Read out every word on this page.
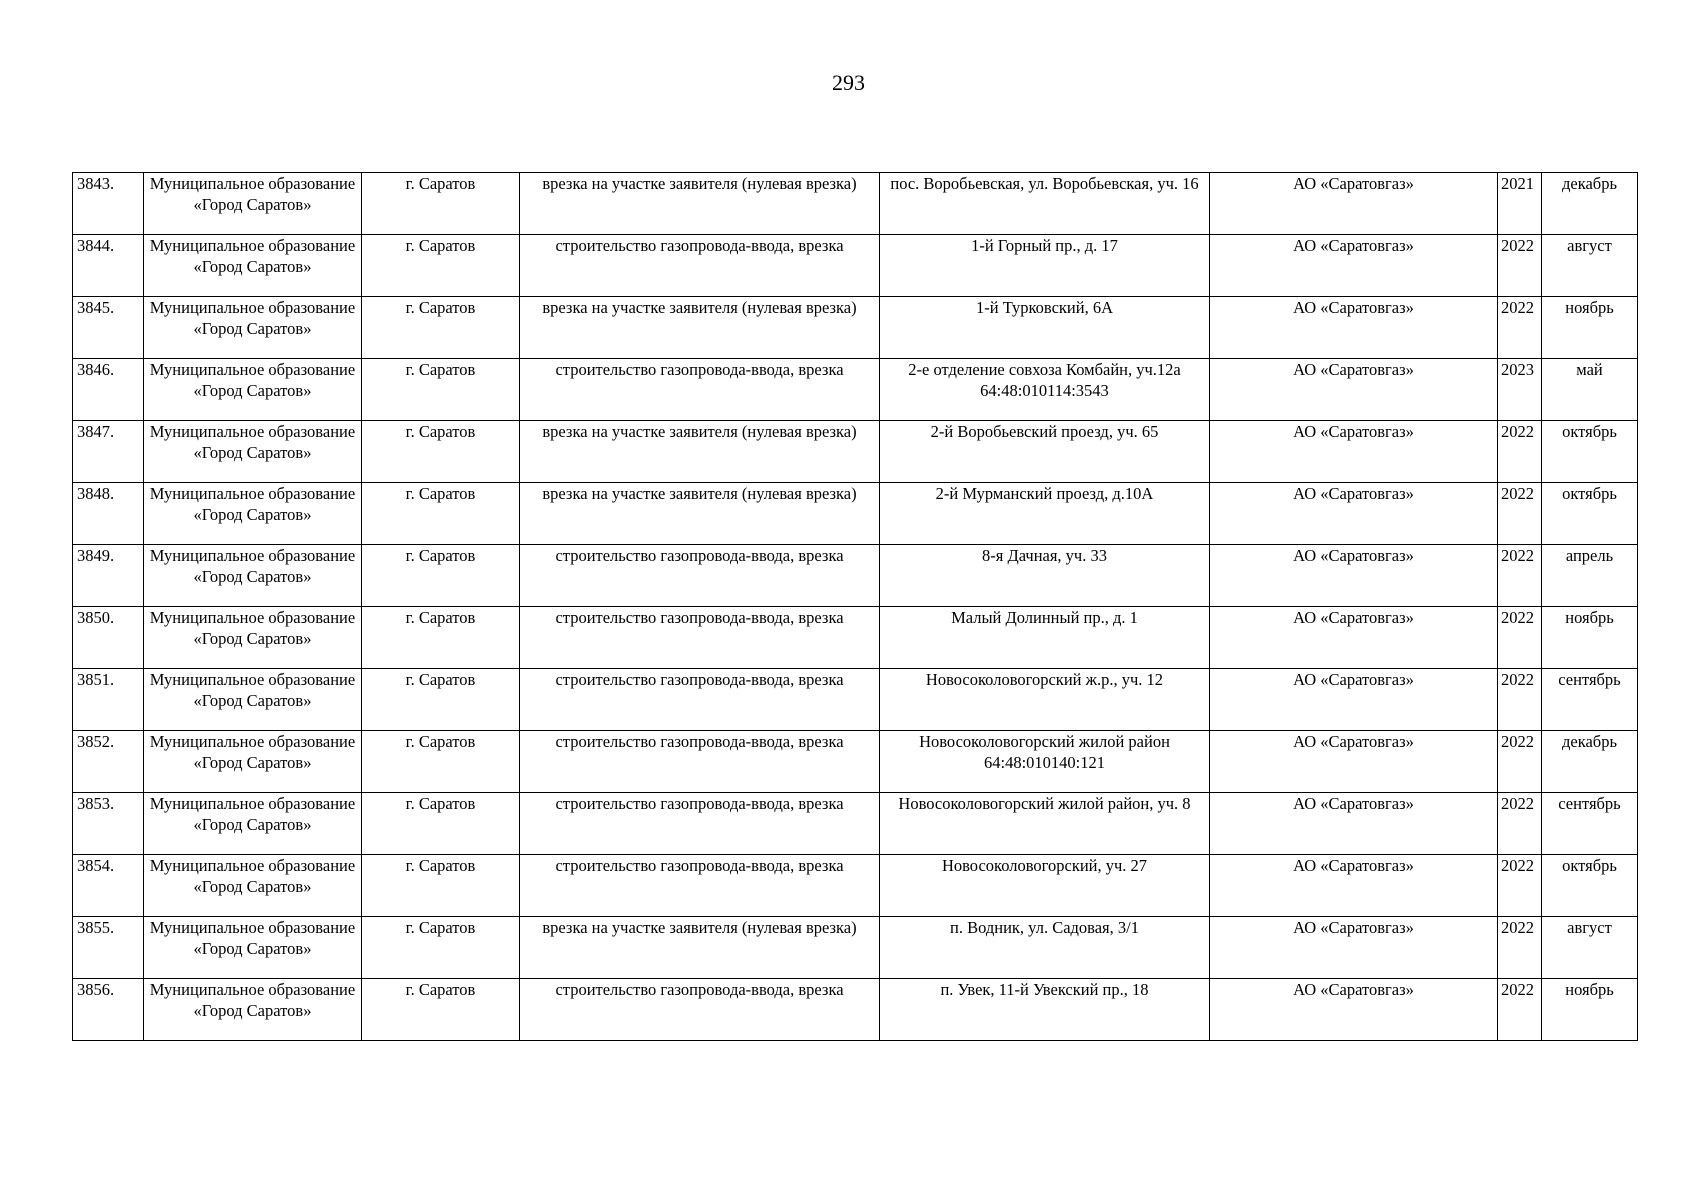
293
3843.	Муниципальное образование «Город Саратов»	г. Саратов	врезка на участке заявителя (нулевая врезка)	пос. Воробьевская, ул. Воробьевская, уч. 16	АО «Саратовгаз»	2021	декабрь
3844.	Муниципальное образование «Город Саратов»	г. Саратов	строительство газопровода-ввода, врезка	1-й Горный пр., д. 17	АО «Саратовгаз»	2022	август
3845.	Муниципальное образование «Город Саратов»	г. Саратов	врезка на участке заявителя (нулевая врезка)	1-й Турковский, 6А	АО «Саратовгаз»	2022	ноябрь
3846.	Муниципальное образование «Город Саратов»	г. Саратов	строительство газопровода-ввода, врезка	2-е отделение совхоза Комбайн, уч.12а 64:48:010114:3543	АО «Саратовгаз»	2023	май
3847.	Муниципальное образование «Город Саратов»	г. Саратов	врезка на участке заявителя (нулевая врезка)	2-й Воробьевский проезд, уч. 65	АО «Саратовгаз»	2022	октябрь
3848.	Муниципальное образование «Город Саратов»	г. Саратов	врезка на участке заявителя (нулевая врезка)	2-й Мурманский проезд, д.10А	АО «Саратовгаз»	2022	октябрь
3849.	Муниципальное образование «Город Саратов»	г. Саратов	строительство газопровода-ввода, врезка	8-я Дачная, уч. 33	АО «Саратовгаз»	2022	апрель
3850.	Муниципальное образование «Город Саратов»	г. Саратов	строительство газопровода-ввода, врезка	Малый Долинный пр., д. 1	АО «Саратовгаз»	2022	ноябрь
3851.	Муниципальное образование «Город Саратов»	г. Саратов	строительство газопровода-ввода, врезка	Новосоколовогорский ж.р., уч. 12	АО «Саратовгаз»	2022	сентябрь
3852.	Муниципальное образование «Город Саратов»	г. Саратов	строительство газопровода-ввода, врезка	Новосоколовогорский жилой район 64:48:010140:121	АО «Саратовгаз»	2022	декабрь
3853.	Муниципальное образование «Город Саратов»	г. Саратов	строительство газопровода-ввода, врезка	Новосоколовогорский жилой район, уч. 8	АО «Саратовгаз»	2022	сентябрь
3854.	Муниципальное образование «Город Саратов»	г. Саратов	строительство газопровода-ввода, врезка	Новосоколовогорский, уч. 27	АО «Саратовгаз»	2022	октябрь
3855.	Муниципальное образование «Город Саратов»	г. Саратов	врезка на участке заявителя (нулевая врезка)	п. Водник, ул. Садовая, 3/1	АО «Саратовгаз»	2022	август
3856.	Муниципальное образование «Город Саратов»	г. Саратов	строительство газопровода-ввода, врезка	п. Увек, 11-й Увекский пр., 18	АО «Саратовгаз»	2022	ноябрь
